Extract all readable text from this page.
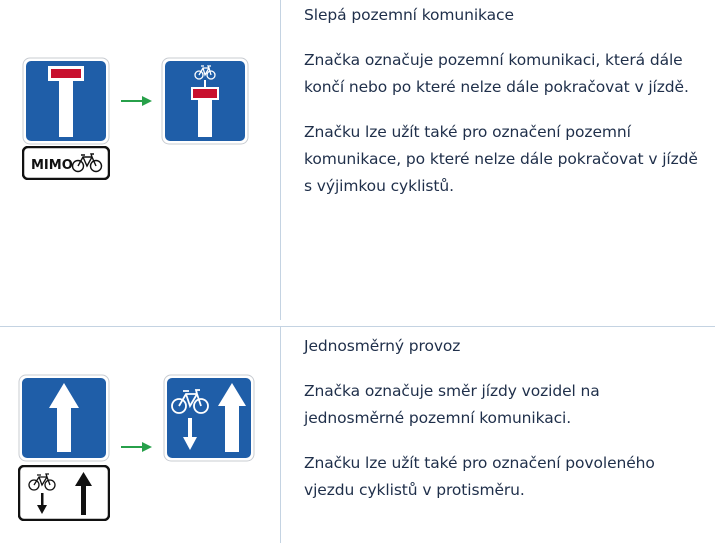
MIMO

Slepá pozemní komunikace

Značka označuje pozemní komunikaci, která dále končí nebo po které nelze dále pokračovat v jízdě.

Značku lze užít také pro označení pozemní komunikace, po které nelze dále pokračovat v jízdě s výjimkou cyklistů.

Jednosměrný provoz

Značka označuje směr jízdy vozidel na jednosměrné pozemní komunikaci.

Značku lze užít také pro označení povoleného vjezdu cyklistů v protisměru.
